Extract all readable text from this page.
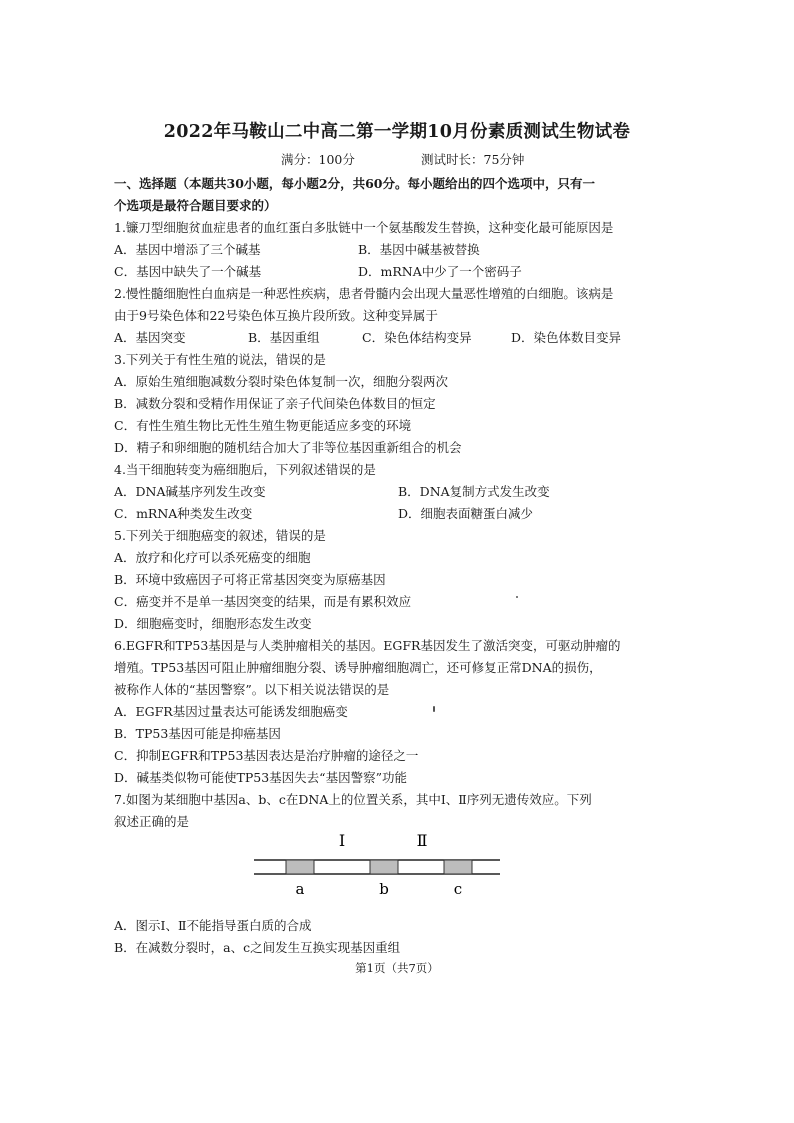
2022年马鞍山二中高二第一学期10月份素质测试生物试卷
满分：100分	测试时长：75分钟
一、选择题（本题共30小题，每小题2分，共60分。每小题给出的四个选项中，只有一
个选项是最符合题目要求的）
1.镰刀型细胞贫血症患者的血红蛋白多肽链中一个氨基酸发生替换，这种变化最可能原因是
A．基因中增添了三个碱基	B．基因中碱基被替换
C．基因中缺失了一个碱基	D．mRNA中少了一个密码子
2.慢性髓细胞性白血病是一种恶性疾病，患者骨髓内会出现大量恶性增殖的白细胞。该病是
由于9号染色体和22号染色体互换片段所致。这种变异属于
A．基因突变	B．基因重组	C．染色体结构变异	D．染色体数目变异
3.下列关于有性生殖的说法，错误的是
A．原始生殖细胞减数分裂时染色体复制一次，细胞分裂两次
B．减数分裂和受精作用保证了亲子代间染色体数目的恒定
C．有性生殖生物比无性生殖生物更能适应多变的环境
D．精子和卵细胞的随机结合加大了非等位基因重新组合的机会
4.当干细胞转变为癌细胞后，下列叙述错误的是
A．DNA碱基序列发生改变	B．DNA复制方式发生改变
C．mRNA种类发生改变	D．细胞表面糖蛋白减少
5.下列关于细胞癌变的叙述，错误的是
A．放疗和化疗可以杀死癌变的细胞
B．环境中致癌因子可将正常基因突变为原癌基因
C．癌变并不是单一基因突变的结果，而是有累积效应
D．细胞癌变时，细胞形态发生改变
6.EGFR和TP53基因是与人类肿瘤相关的基因。EGFR基因发生了激活突变，可驱动肿瘤的
增殖。TP53基因可阻止肿瘤细胞分裂、诱导肿瘤细胞凋亡，还可修复正常DNA的损伤，
被称作人体的“基因警察”。以下相关说法错误的是
A．EGFR基因过量表达可能诱发细胞癌变
B．TP53基因可能是抑癌基因
C．抑制EGFR和TP53基因表达是治疗肿瘤的途径之一
D．碱基类似物可能使TP53基因失去“基因警察”功能
7.如图为某细胞中基因a、b、c在DNA上的位置关系，其中Ⅰ、Ⅱ序列无遗传效应。下列
叙述正确的是
Ⅰ	Ⅱ
a	b	c
A．图示Ⅰ、Ⅱ不能指导蛋白质的合成
B．在减数分裂时，a、c之间发生互换实现基因重组
第1页（共7页）
